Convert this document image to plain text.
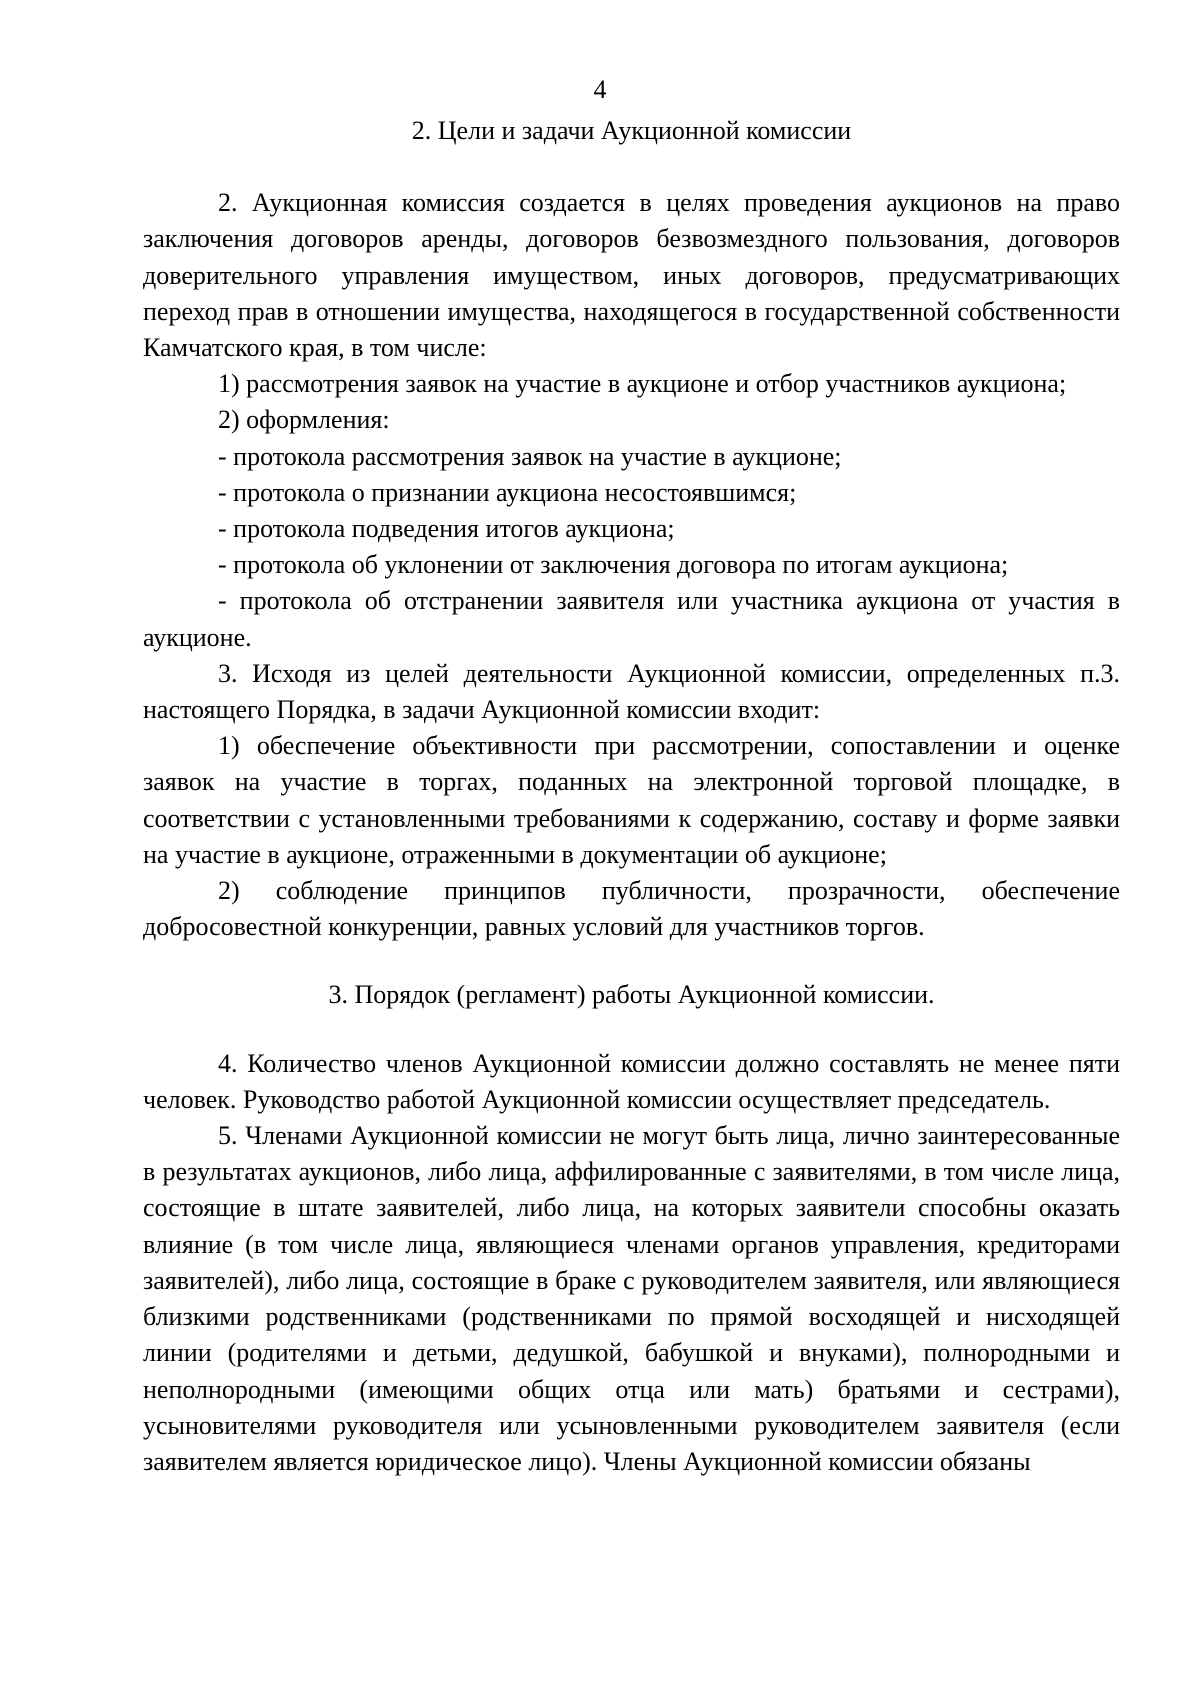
4

2. Цели и задачи Аукционной комиссии

2. Аукционная комиссия создается в целях проведения аукционов на право заключения договоров аренды, договоров безвозмездного пользования, договоров доверительного управления имуществом, иных договоров, предусматривающих переход прав в отношении имущества, находящегося в государственной собственности Камчатского края, в том числе:

1) рассмотрения заявок на участие в аукционе и отбор участников аукциона;

2) оформления:

- протокола рассмотрения заявок на участие в аукционе;

- протокола о признании аукциона несостоявшимся;

- протокола подведения итогов аукциона;

- протокола об уклонении от заключения договора по итогам аукциона;

- протокола об отстранении заявителя или участника аукциона от участия в аукционе.

3. Исходя из целей деятельности Аукционной комиссии, определенных п.3. настоящего Порядка, в задачи Аукционной комиссии входит:

1) обеспечение объективности при рассмотрении, сопоставлении и оценке заявок на участие в торгах, поданных на электронной торговой площадке, в соответствии с установленными требованиями к содержанию, составу и форме заявки на участие в аукционе, отраженными в документации об аукционе;

2) соблюдение принципов публичности, прозрачности, обеспечение добросовестной конкуренции, равных условий для участников торгов.

3. Порядок (регламент) работы Аукционной комиссии.

4. Количество членов Аукционной комиссии должно составлять не менее пяти человек. Руководство работой Аукционной комиссии осуществляет председатель.

5. Членами Аукционной комиссии не могут быть лица, лично заинтересованные в результатах аукционов, либо лица, аффилированные с заявителями, в том числе лица, состоящие в штате заявителей, либо лица, на которых заявители способны оказать влияние (в том числе лица, являющиеся членами органов управления, кредиторами заявителей), либо лица, состоящие в браке с руководителем заявителя, или являющиеся близкими родственниками (родственниками по прямой восходящей и нисходящей линии (родителями и детьми, дедушкой, бабушкой и внуками), полнородными и неполнородными (имеющими общих отца или мать) братьями и сестрами), усыновителями руководителя или усыновленными руководителем заявителя (если заявителем является юридическое лицо). Члены Аукционной комиссии обязаны
